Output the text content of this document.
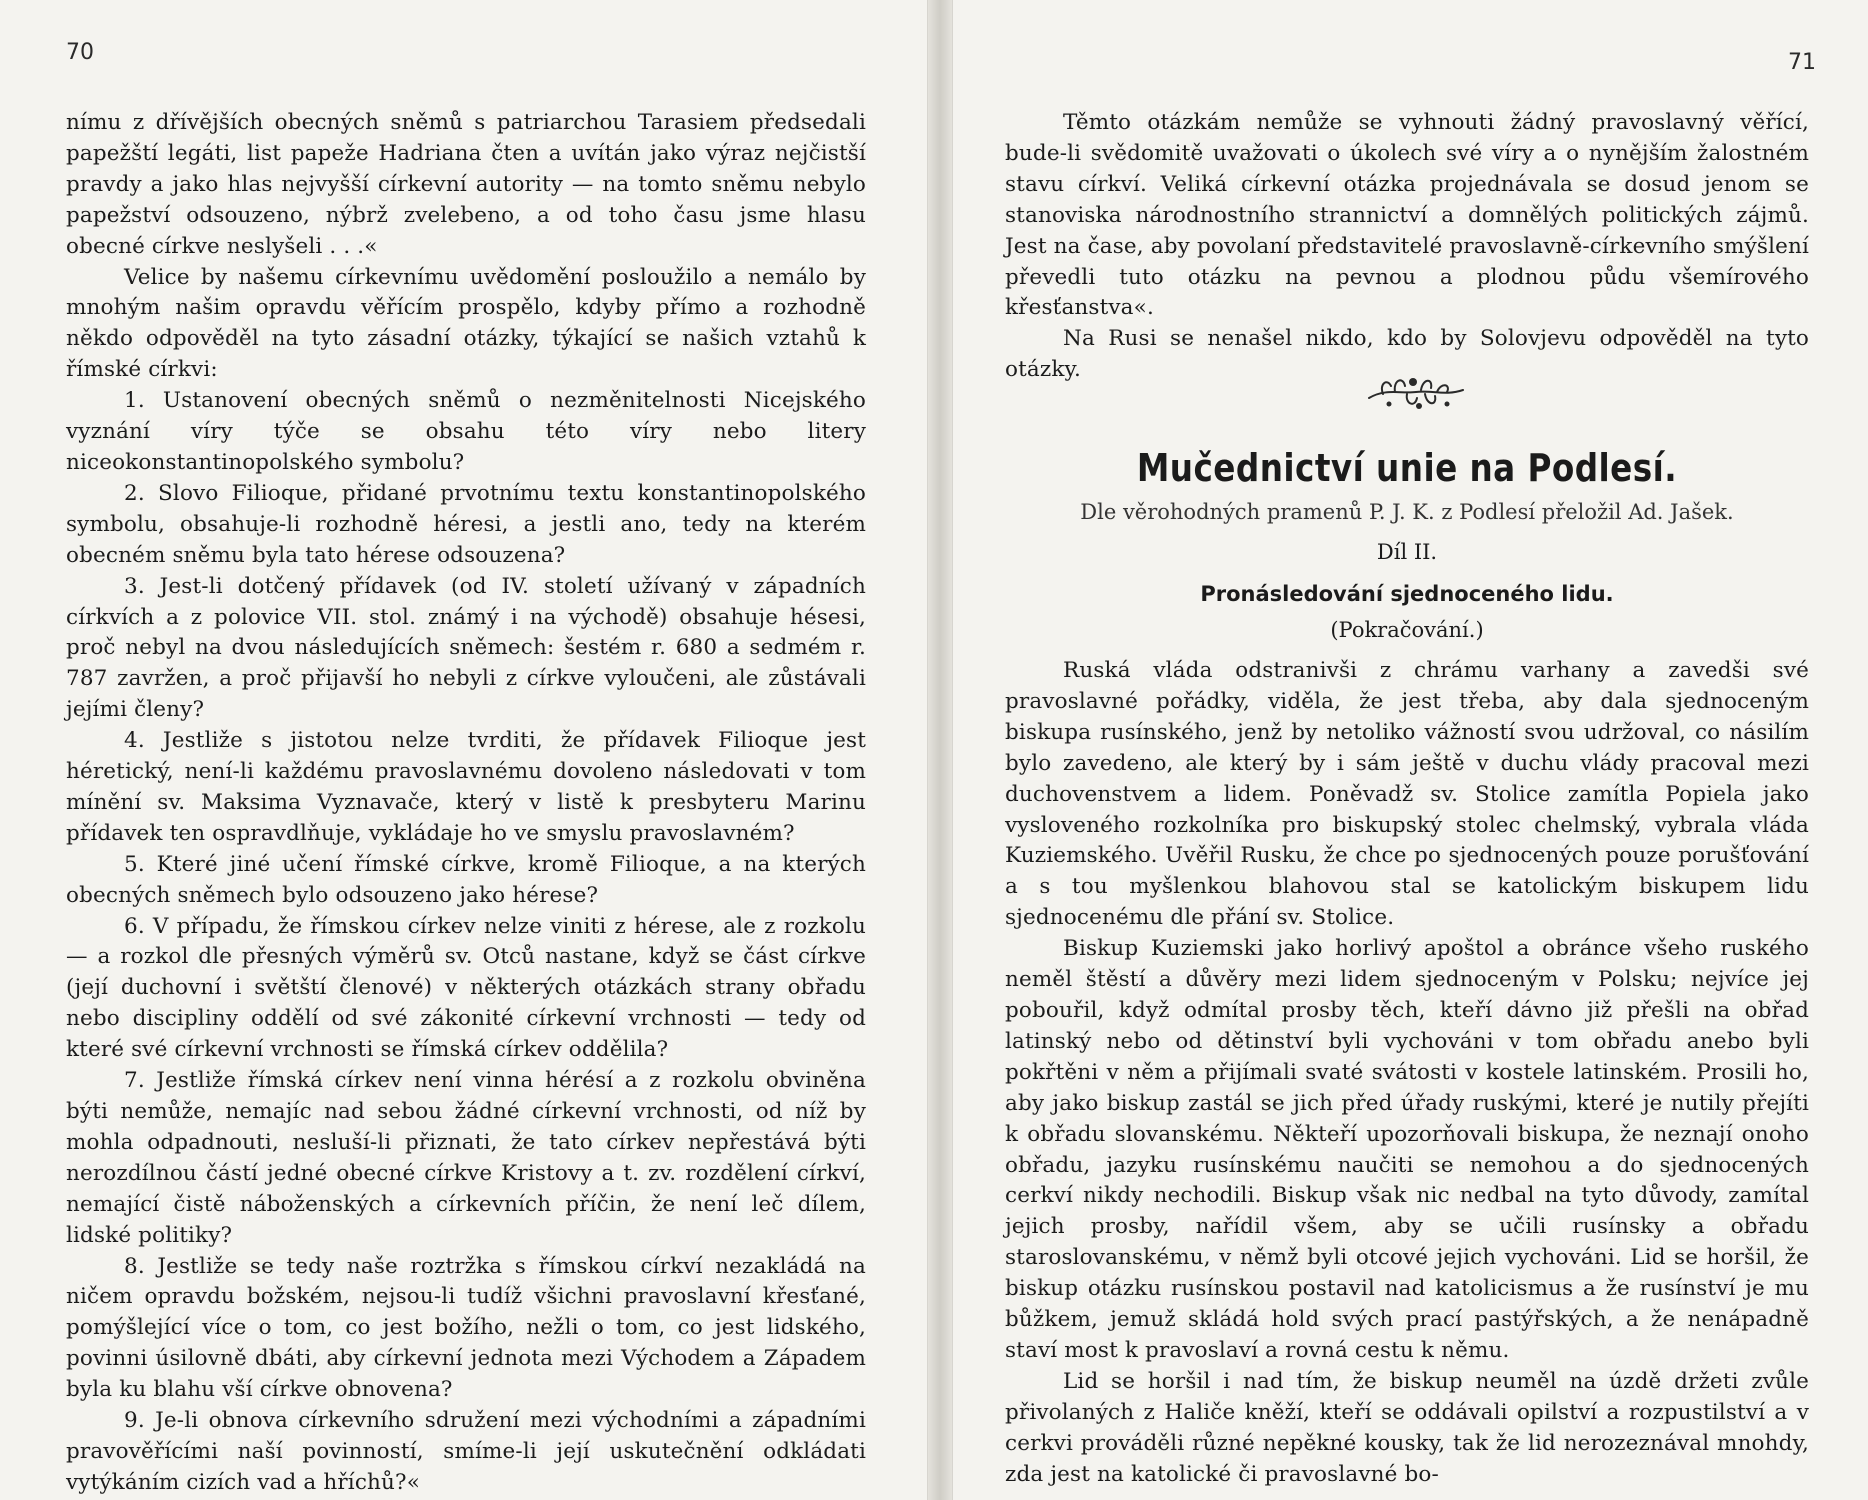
70

nímu z dřívějších obecných sněmů s patriarchou Tarasiem předsedali papežští legáti, list papeže Hadriana čten a uvítán jako výraz nejčistší pravdy a jako hlas nejvyšší církevní autority — na tomto sněmu nebylo papežství odsouzeno, nýbrž zvelebeno, a od toho času jsme hlasu obecné církve neslyšeli . . .«

Velice by našemu církevnímu uvědomění posloužilo a nemálo by mnohým našim opravdu věřícím prospělo, kdyby přímo a rozhodně někdo odpověděl na tyto zásadní otázky, týkající se našich vztahů k římské církvi:

1. Ustanovení obecných sněmů o nezměnitelnosti Nicejského vyznání víry týče se obsahu této víry nebo litery niceokonstantinopolského symbolu?

2. Slovo Filioque, přidané prvotnímu textu konstantinopolského symbolu, obsahuje-li rozhodně héresi, a jestli ano, tedy na kterém obecném sněmu byla tato hérese odsouzena?

3. Jest-li dotčený přídavek (od IV. století užívaný v západních církvích a z polovice VII. stol. známý i na východě) obsahuje hésesi, proč nebyl na dvou následujících sněmech: šestém r. 680 a sedmém r. 787 zavržen, a proč přijavší ho nebyli z církve vyloučeni, ale zůstávali jejími členy?

4. Jestliže s jistotou nelze tvrditi, že přídavek Filioque jest héretický, není-li každému pravoslavnému dovoleno následovati v tom mínění sv. Maksima Vyznavače, který v listě k presbyteru Marinu přídavek ten ospravdlňuje, vykládaje ho ve smyslu pravoslavném?

5. Které jiné učení římské církve, kromě Filioque, a na kterých obecných sněmech bylo odsouzeno jako hérese?

6. V případu, že římskou církev nelze viniti z hérese, ale z rozkolu — a rozkol dle přesných výměrů sv. Otců nastane, když se část církve (její duchovní i světští členové) v některých otázkách strany obřadu nebo discipliny oddělí od své zákonité církevní vrchnosti — tedy od které své církevní vrchnosti se římská církev oddělila?

7. Jestliže římská církev není vinna hérésí a z rozkolu obviněna býti nemůže, nemajíc nad sebou žádné církevní vrchnosti, od níž by mohla odpadnouti, nesluší-li přiznati, že tato církev nepřestává býti nerozdílnou částí jedné obecné církve Kristovy a t. zv. rozdělení církví, nemající čistě náboženských a církevních příčin, že není leč dílem, lidské politiky?

8. Jestliže se tedy naše roztržka s římskou církví nezakládá na ničem opravdu božském, nejsou-li tudíž všichni pravoslavní křesťané, pomýšlející více o tom, co jest božího, nežli o tom, co jest lidského, povinni úsilovně dbáti, aby církevní jednota mezi Východem a Západem byla ku blahu vší církve obnovena?

9. Je-li obnova církevního sdružení mezi východními a západními pravověřícími naší povinností, smíme-li její uskutečnění odkládati vytýkáním cizích vad a hříchů?«

71

Těmto otázkám nemůže se vyhnouti žádný pravoslavný věřící, bude-li svědomitě uvažovati o úkolech své víry a o nynějším žalostném stavu církví. Veliká církevní otázka projednávala se dosud jenom se stanoviska národnostního strannictví a domnělých politických zájmů. Jest na čase, aby povolaní představitelé pravoslavně-církevního smýšlení převedli tuto otázku na pevnou a plodnou půdu všemírového křesťanstva«.

Na Rusi se nenašel nikdo, kdo by Solovjevu odpověděl na tyto otázky.

Mučednictví unie na Podlesí.
Dle věrohodných pramenů P. J. K. z Podlesí přeložil Ad. Jašek.
Díl II.
Pronásledování sjednoceného lidu.
(Pokračování.)

Ruská vláda odstranivši z chrámu varhany a zavedši své pravoslavné pořádky, viděla, že jest třeba, aby dala sjednoceným biskupa rusínského, jenž by netoliko vážností svou udržoval, co násilím bylo zavedeno, ale který by i sám ještě v duchu vlády pracoval mezi duchovenstvem a lidem. Poněvadž sv. Stolice zamítla Popiela jako vysloveného rozkolníka pro biskupský stolec chelmský, vybrala vláda Kuziemského. Uvěřil Rusku, že chce po sjednocených pouze porušťování a s tou myšlenkou blahovou stal se katolickým biskupem lidu sjednocenému dle přání sv. Stolice.

Biskup Kuziemski jako horlivý apoštol a obránce všeho ruského neměl štěstí a důvěry mezi lidem sjednoceným v Polsku; nejvíce jej pobouřil, když odmítal prosby těch, kteří dávno již přešli na obřad latinský nebo od dětinství byli vychováni v tom obřadu anebo byli pokřtěni v něm a přijímali svaté svátosti v kostele latinském. Prosili ho, aby jako biskup zastál se jich před úřady ruskými, které je nutily přejíti k obřadu slovanskému. Někteří upozorňovali biskupa, že neznají onoho obřadu, jazyku rusínskému naučiti se nemohou a do sjednocených cerkví nikdy nechodili. Biskup však nic nedbal na tyto důvody, zamítal jejich prosby, nařídil všem, aby se učili rusínsky a obřadu staroslovanskému, v němž byli otcové jejich vychováni. Lid se horšil, že biskup otázku rusínskou postavil nad katolicismus a že rusínství je mu bůžkem, jemuž skládá hold svých prací pastýřských, a že nenápadně staví most k pravoslaví a rovná cestu k němu.

Lid se horšil i nad tím, že biskup neuměl na úzdě držeti zvůle přivolaných z Haliče kněží, kteří se oddávali opilství a rozpustilství a v cerkvi prováděli různé nepěkné kousky, tak že lid nerozeznával mnohdy, zda jest na katolické či pravoslavné bo-
